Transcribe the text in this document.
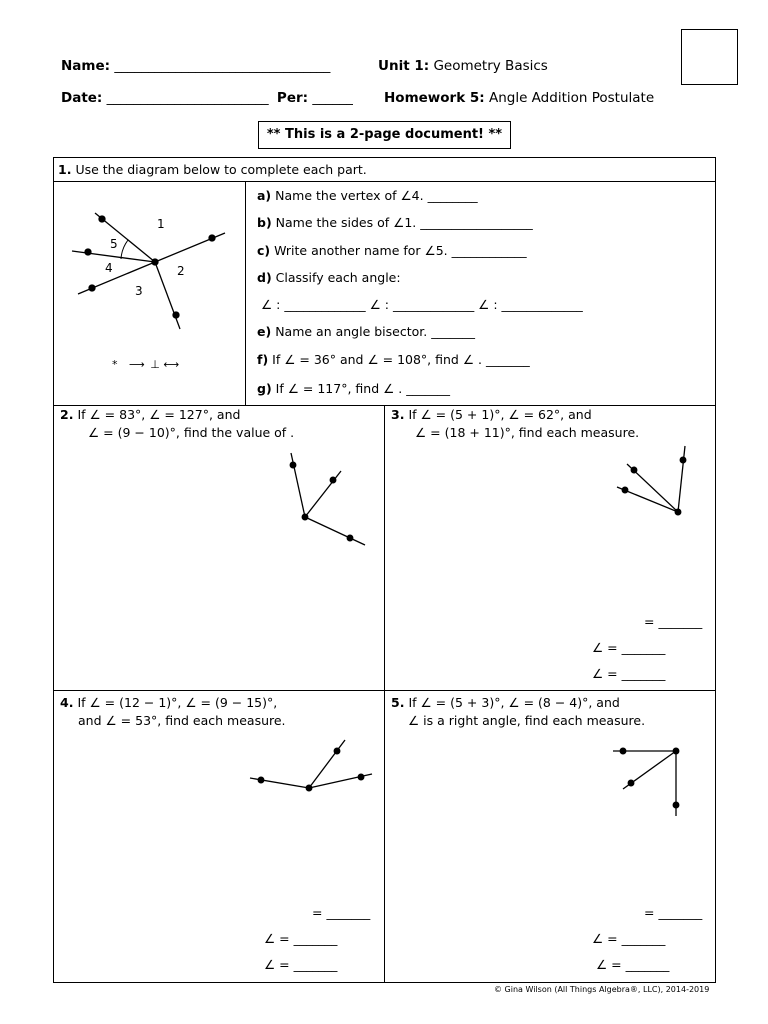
Name: ________________________________	Unit 1: Geometry Basics
Date: ________________________ Per: ______ Homework 5: Angle Addition Postulate
** This is a 2-page document! **
1. Use the diagram below to complete each part.
1
5
4	2
3
* ⟶ ⊥ ⟷
a) Name the vertex of ∠4. ________
b) Name the sides of ∠1. __________________
c) Write another name for ∠5. ____________
d) Classify each angle:
∠ : _____________ ∠ : _____________ ∠ : _____________
e) Name an angle bisector. _______
f) If ∠ = 36° and ∠ = 108°, find ∠ . _______
g) If ∠ = 117°, find ∠ . _______
2. If ∠ = 83°, ∠ = 127°, and
∠ = (9 − 10)°, find the value of .
3. If ∠ = (5 + 1)°, ∠ = 62°, and
∠ = (18 + 11)°, find each measure.
= _______
∠ = _______
∠ = _______
4. If ∠ = (12 − 1)°, ∠ = (9 − 15)°,
and ∠ = 53°, find each measure.
= _______
∠ = _______
∠ = _______
5. If ∠ = (5 + 3)°, ∠ = (8 − 4)°, and
∠ is a right angle, find each measure.
= _______
∠ = _______
∠ = _______
© Gina Wilson (All Things Algebra®, LLC), 2014-2019
